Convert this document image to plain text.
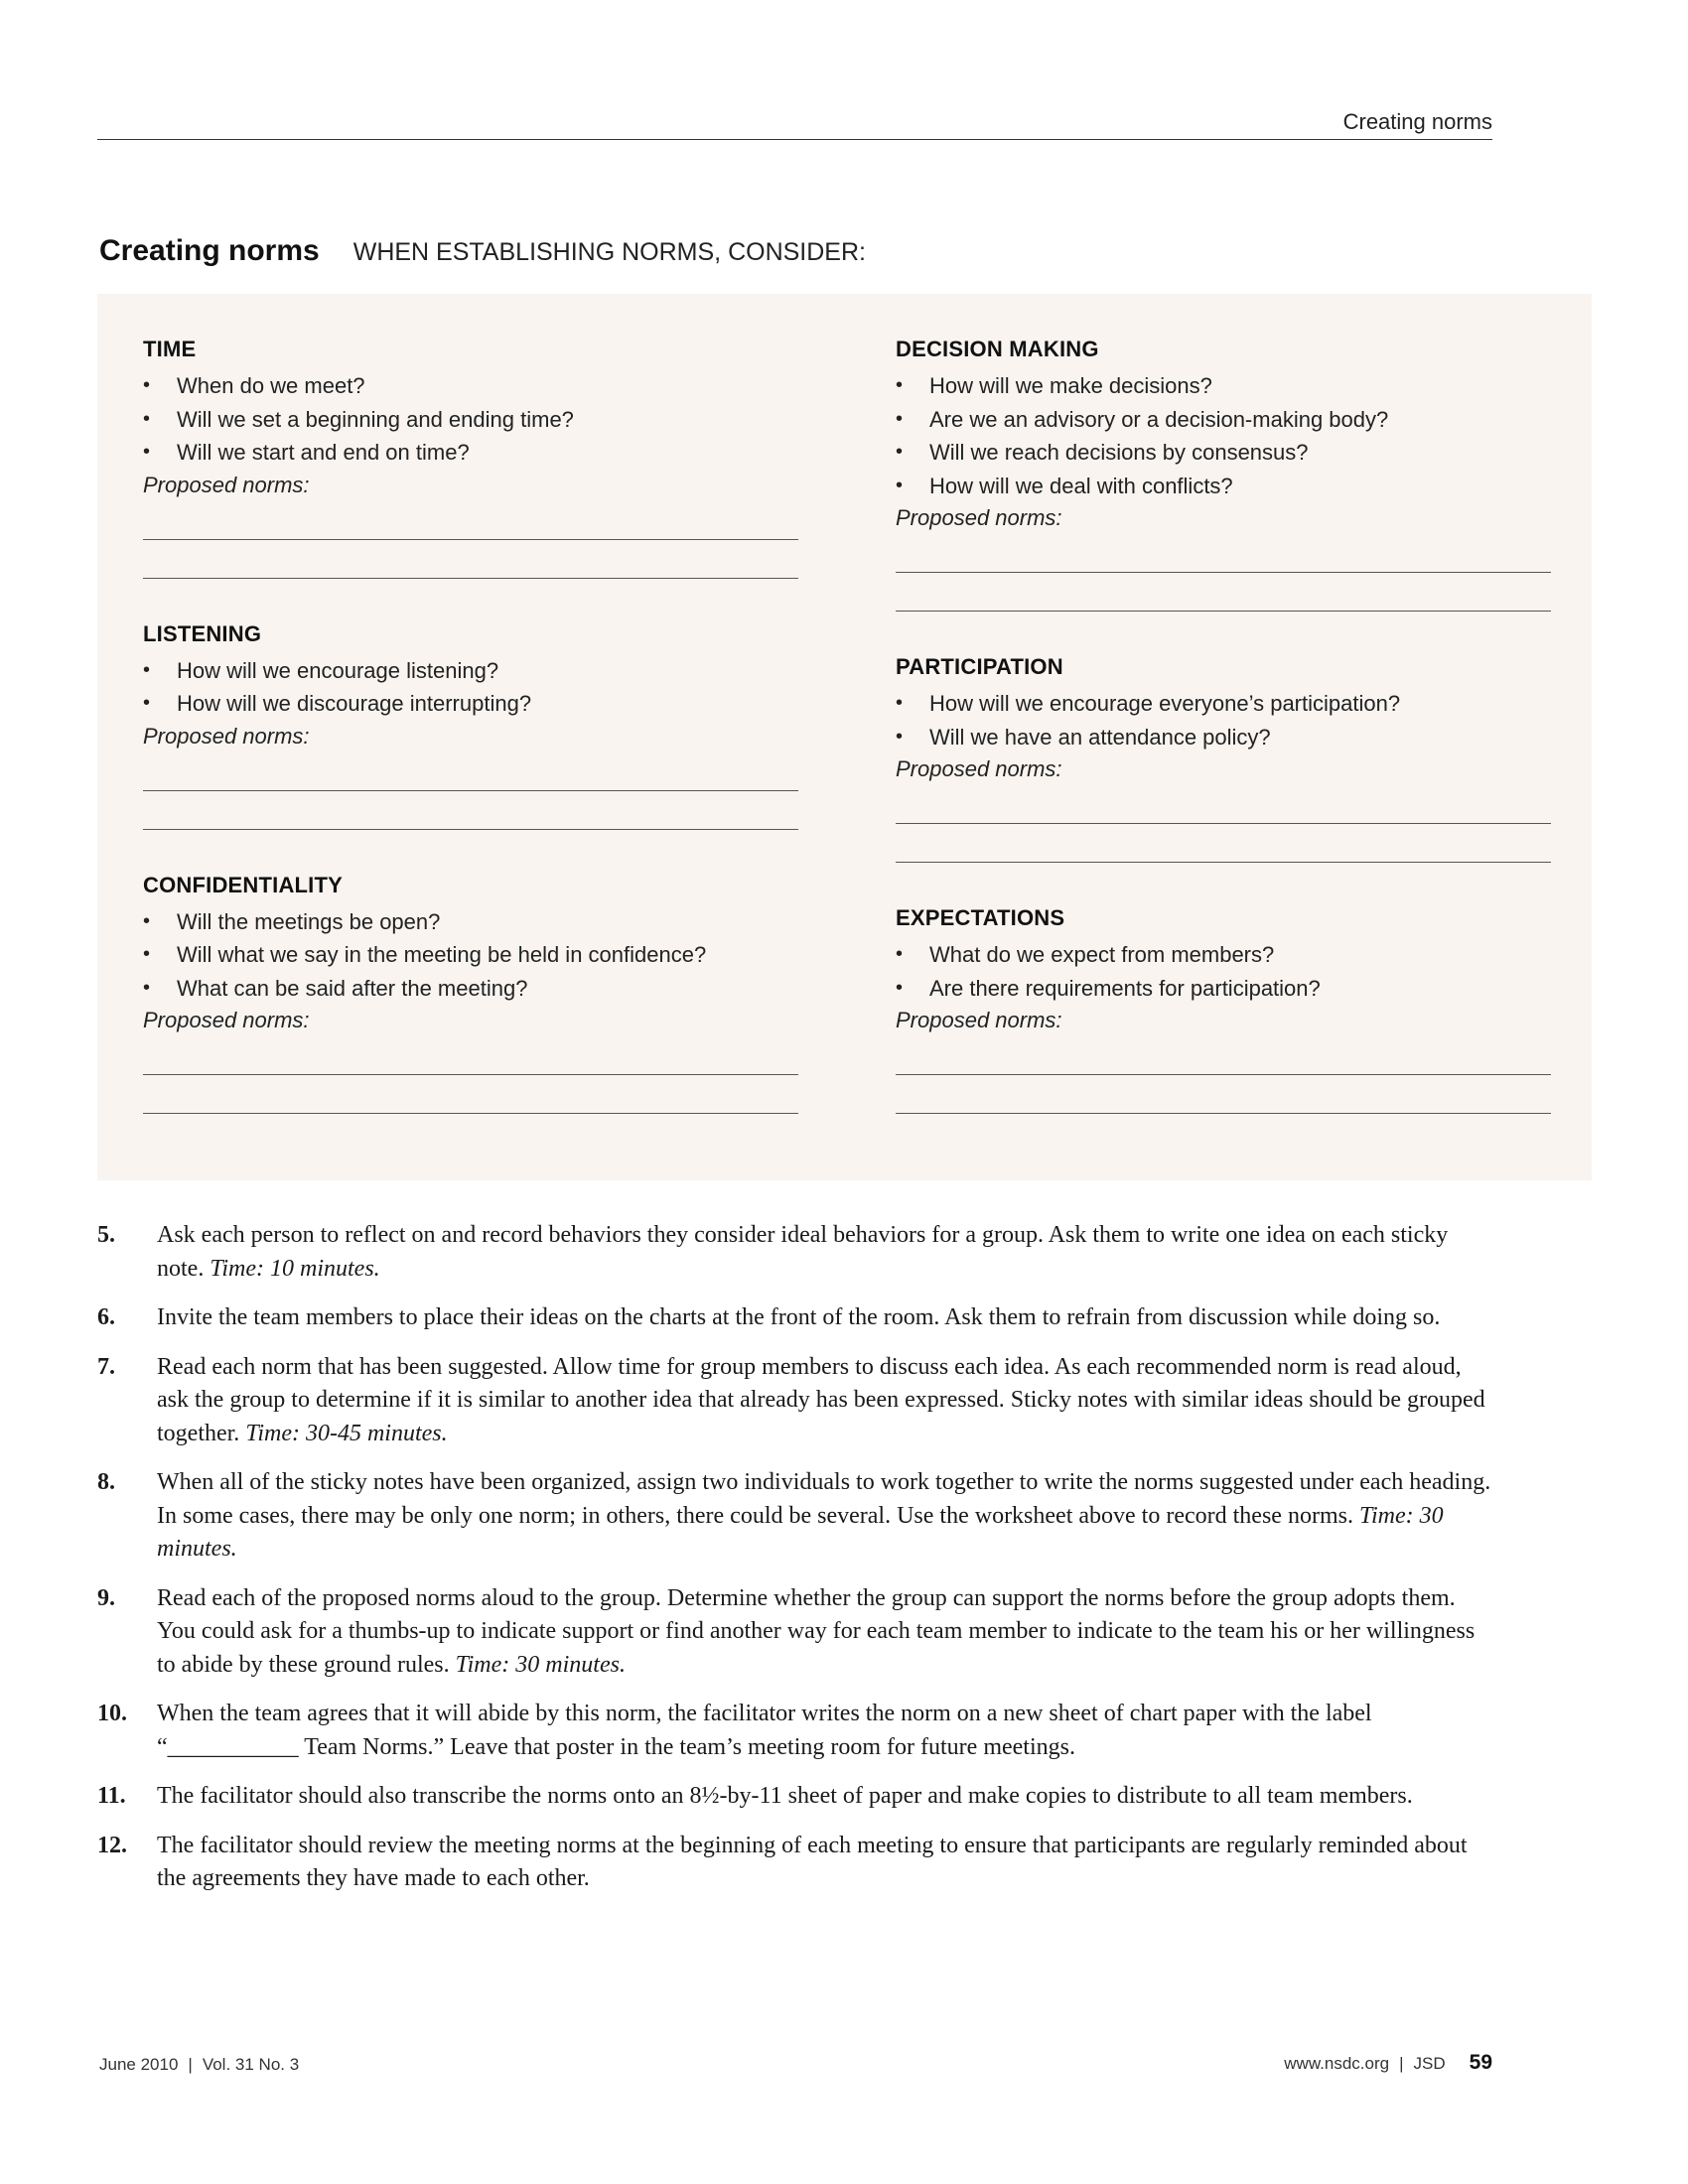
Creating norms
Creating norms WHEN ESTABLISHING NORMS, CONSIDER:
TIME
• When do we meet?
• Will we set a beginning and ending time?
• Will we start and end on time?
Proposed norms:
LISTENING
• How will we encourage listening?
• How will we discourage interrupting?
Proposed norms:
CONFIDENTIALITY
• Will the meetings be open?
• Will what we say in the meeting be held in confidence?
• What can be said after the meeting?
Proposed norms:
DECISION MAKING
• How will we make decisions?
• Are we an advisory or a decision-making body?
• Will we reach decisions by consensus?
• How will we deal with conflicts?
Proposed norms:
PARTICIPATION
• How will we encourage everyone’s participation?
• Will we have an attendance policy?
Proposed norms:
EXPECTATIONS
• What do we expect from members?
• Are there requirements for participation?
Proposed norms:
5.	Ask each person to reflect on and record behaviors they consider ideal behaviors for a group. Ask them to write one idea on each sticky note. Time: 10 minutes.
6.	Invite the team members to place their ideas on the charts at the front of the room. Ask them to refrain from discussion while doing so.
7.	Read each norm that has been suggested. Allow time for group members to discuss each idea. As each recommended norm is read aloud, ask the group to determine if it is similar to another idea that already has been expressed. Sticky notes with similar ideas should be grouped together. Time: 30-45 minutes.
8.	When all of the sticky notes have been organized, assign two individuals to work together to write the norms suggested under each heading. In some cases, there may be only one norm; in others, there could be several. Use the worksheet above to record these norms. Time: 30 minutes.
9.	Read each of the proposed norms aloud to the group. Determine whether the group can support the norms before the group adopts them. You could ask for a thumbs-up to indicate support or find another way for each team member to indicate to the team his or her willingness to abide by these ground rules. Time: 30 minutes.
10.	When the team agrees that it will abide by this norm, the facilitator writes the norm on a new sheet of chart paper with the label “___________ Team Norms.” Leave that poster in the team’s meeting room for future meetings.
11.	The facilitator should also transcribe the norms onto an 8½-by-11 sheet of paper and make copies to distribute to all team members.
12.	The facilitator should review the meeting norms at the beginning of each meeting to ensure that participants are regularly reminded about the agreements they have made to each other.
June 2010 | Vol. 31 No. 3	www.nsdc.org | JSD 59
